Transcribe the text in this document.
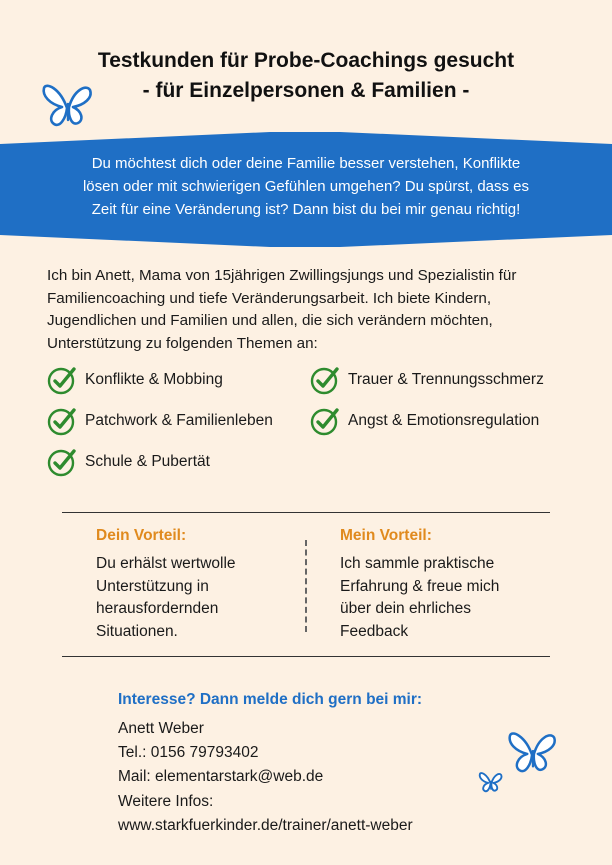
Testkunden für Probe-Coachings gesucht
- für Einzelpersonen & Familien -
Du möchtest dich oder deine Familie besser verstehen, Konflikte
lösen oder mit schwierigen Gefühlen umgehen? Du spürst, dass es
Zeit für eine Veränderung ist? Dann bist du bei mir genau richtig!
Ich bin Anett, Mama von 15jährigen Zwillingsjungs und Spezialistin für
Familiencoaching und tiefe Veränderungsarbeit. Ich biete Kindern,
Jugendlichen und Familien und allen, die sich verändern möchten,
Unterstützung zu folgenden Themen an:
Konflikte & Mobbing	Trauer & Trennungsschmerz
Patchwork & Familienleben	Angst & Emotionsregulation
Schule & Pubertät
Dein Vorteil:
Du erhälst wertwolle
Unterstützung in
herausfordernden
Situationen.
Mein Vorteil:
Ich sammle praktische
Erfahrung & freue mich
über dein ehrliches
Feedback
Interesse? Dann melde dich gern bei mir:
Anett Weber
Tel.: 0156 79793402
Mail: elementarstark@web.de
Weitere Infos:
www.starkfuerkinder.de/trainer/anett-weber
